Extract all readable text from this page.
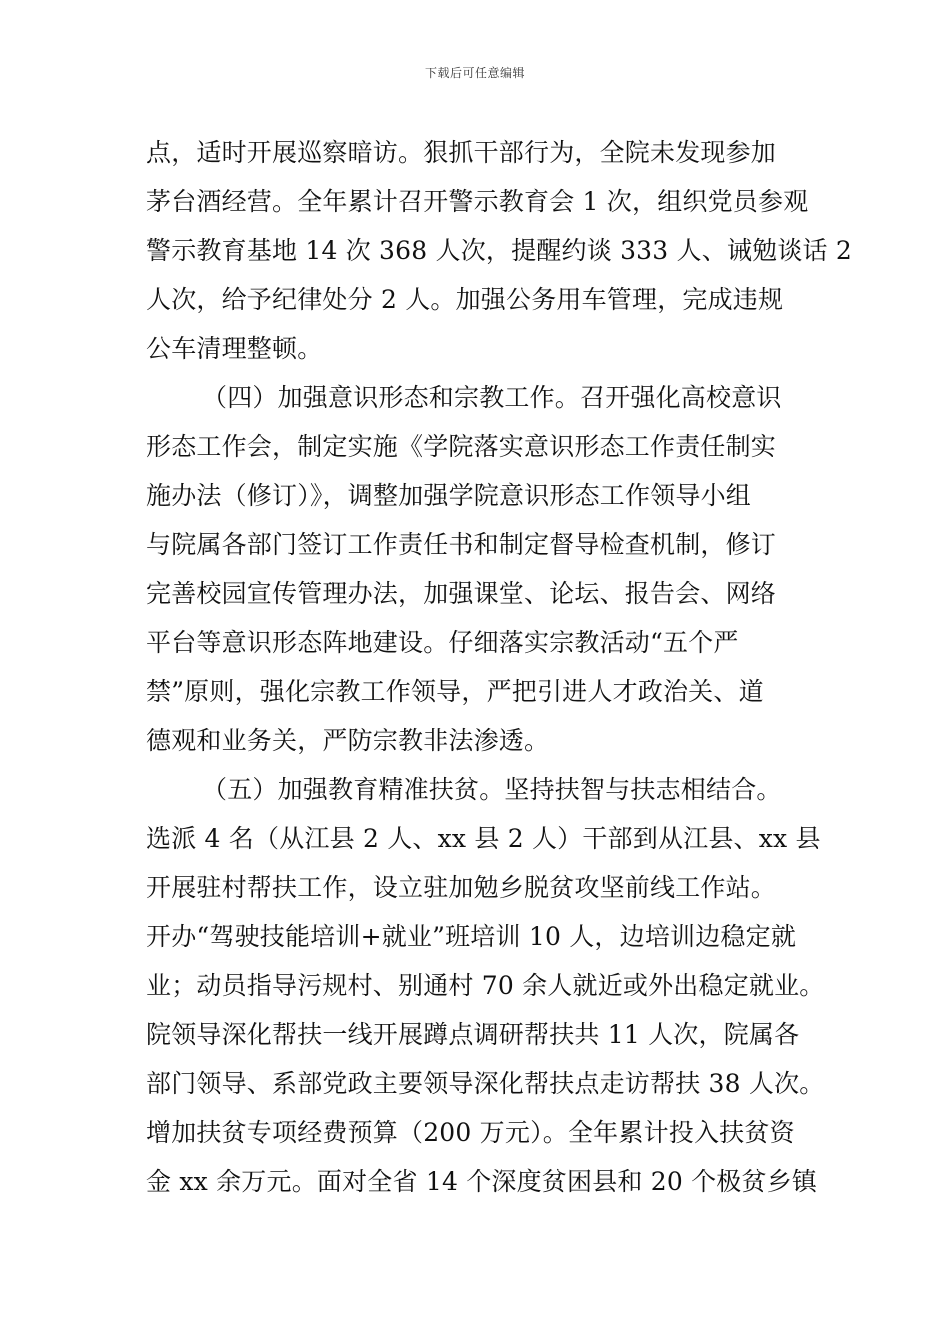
下载后可任意编辑
点，适时开展巡察暗访。狠抓干部行为，全院未发现参加
茅台酒经营。全年累计召开警示教育会 1 次，组织党员参观
警示教育基地 14 次 368 人次，提醒约谈 333 人、诫勉谈话 2
人次，给予纪律处分 2 人。加强公务用车管理，完成违规
公车清理整顿。
（四）加强意识形态和宗教工作。召开强化高校意识
形态工作会，制定实施《学院落实意识形态工作责任制实
施办法（修订）》，调整加强学院意识形态工作领导小组
与院属各部门签订工作责任书和制定督导检查机制，修订
完善校园宣传管理办法，加强课堂、论坛、报告会、网络
平台等意识形态阵地建设。仔细落实宗教活动“五个严
禁”原则，强化宗教工作领导，严把引进人才政治关、道
德观和业务关，严防宗教非法渗透。
（五）加强教育精准扶贫。坚持扶智与扶志相结合。
选派 4 名（从江县 2 人、xx 县 2 人）干部到从江县、xx 县
开展驻村帮扶工作，设立驻加勉乡脱贫攻坚前线工作站。
开办“驾驶技能培训+就业”班培训 10 人，边培训边稳定就
业；动员指导污规村、别通村 70 余人就近或外出稳定就业。
院领导深化帮扶一线开展蹲点调研帮扶共 11 人次，院属各
部门领导、系部党政主要领导深化帮扶点走访帮扶 38 人次。
增加扶贫专项经费预算（200 万元）。全年累计投入扶贫资
金 xx 余万元。面对全省 14 个深度贫困县和 20 个极贫乡镇
